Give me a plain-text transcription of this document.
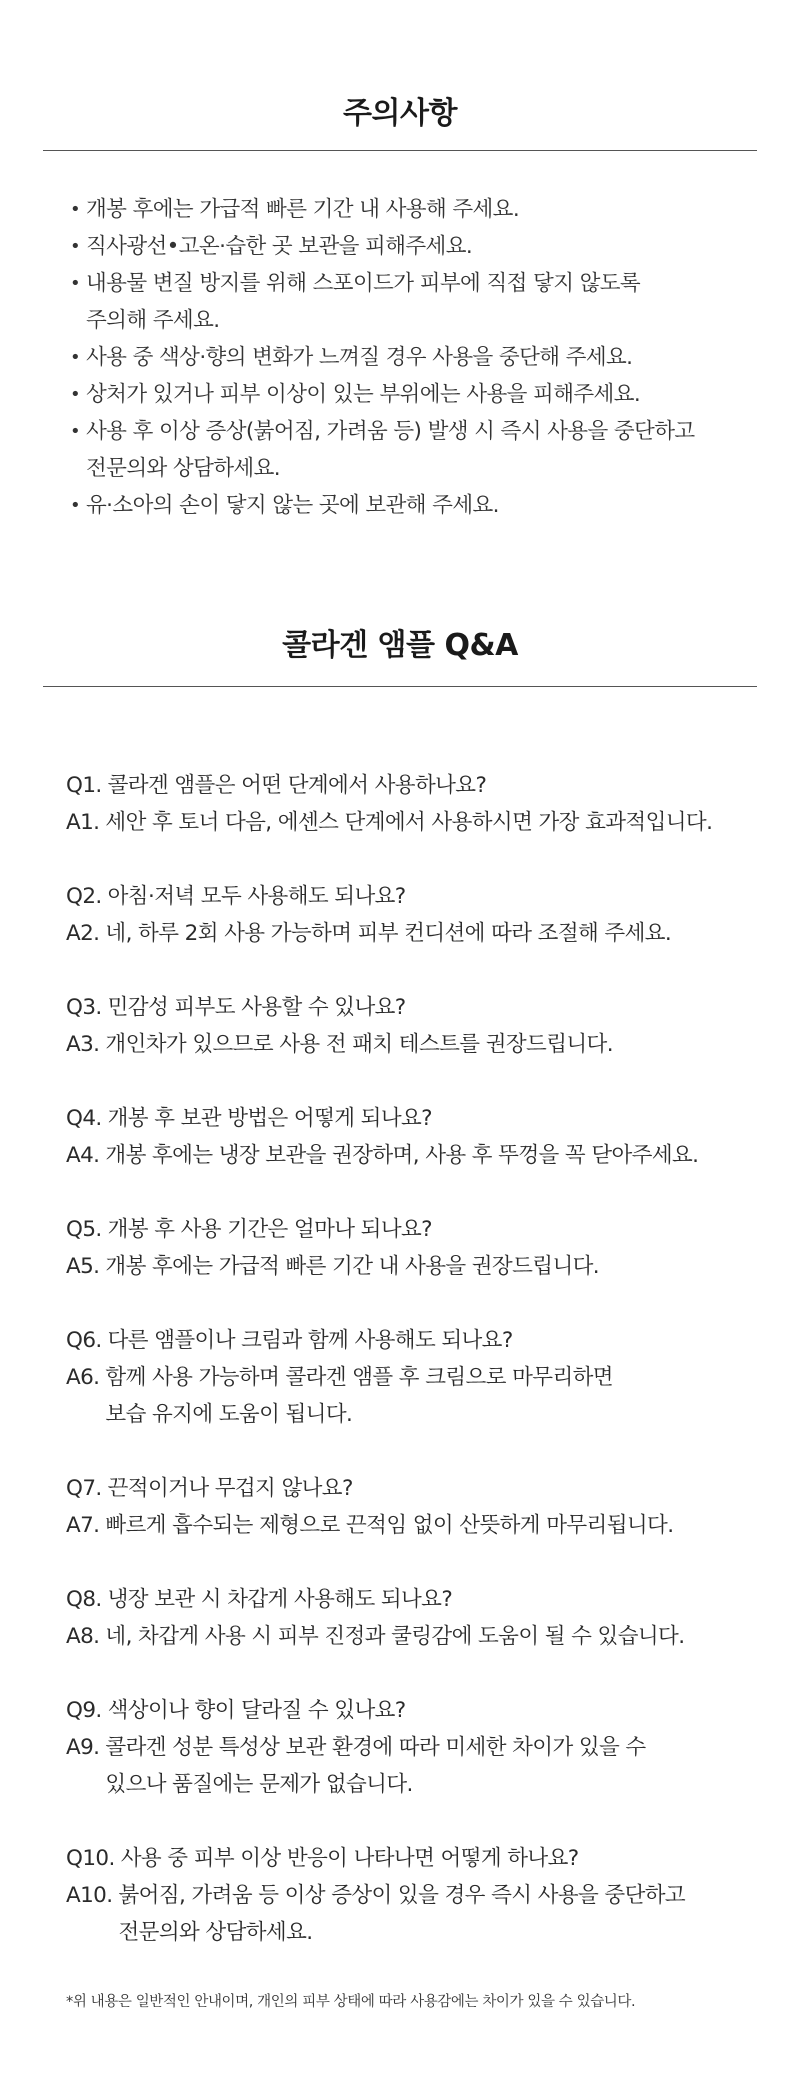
주의사항
• 개봉 후에는 가급적 빠른 기간 내 사용해 주세요.
• 직사광선•고온·습한 곳 보관을 피해주세요.
• 내용물 변질 방지를 위해 스포이드가 피부에 직접 닿지 않도록
주의해 주세요.
• 사용 중 색상·향의 변화가 느껴질 경우 사용을 중단해 주세요.
• 상처가 있거나 피부 이상이 있는 부위에는 사용을 피해주세요.
• 사용 후 이상 증상(붉어짐, 가려움 등) 발생 시 즉시 사용을 중단하고
전문의와 상담하세요.
• 유·소아의 손이 닿지 않는 곳에 보관해 주세요.
콜라겐 앰플 Q&A
Q1. 콜라겐 앰플은 어떤 단계에서 사용하나요?
A1. 세안 후 토너 다음, 에센스 단계에서 사용하시면 가장 효과적입니다.
Q2. 아침·저녁 모두 사용해도 되나요?
A2. 네, 하루 2회 사용 가능하며 피부 컨디션에 따라 조절해 주세요.
Q3. 민감성 피부도 사용할 수 있나요?
A3. 개인차가 있으므로 사용 전 패치 테스트를 권장드립니다.
Q4. 개봉 후 보관 방법은 어떻게 되나요?
A4. 개봉 후에는 냉장 보관을 권장하며, 사용 후 뚜껑을 꼭 닫아주세요.
Q5. 개봉 후 사용 기간은 얼마나 되나요?
A5. 개봉 후에는 가급적 빠른 기간 내 사용을 권장드립니다.
Q6. 다른 앰플이나 크림과 함께 사용해도 되나요?
A6. 함께 사용 가능하며 콜라겐 앰플 후 크림으로 마무리하면
보습 유지에 도움이 됩니다.
Q7. 끈적이거나 무겁지 않나요?
A7. 빠르게 흡수되는 제형으로 끈적임 없이 산뜻하게 마무리됩니다.
Q8. 냉장 보관 시 차갑게 사용해도 되나요?
A8. 네, 차갑게 사용 시 피부 진정과 쿨링감에 도움이 될 수 있습니다.
Q9. 색상이나 향이 달라질 수 있나요?
A9. 콜라겐 성분 특성상 보관 환경에 따라 미세한 차이가 있을 수
있으나 품질에는 문제가 없습니다.
Q10. 사용 중 피부 이상 반응이 나타나면 어떻게 하나요?
A10. 붉어짐, 가려움 등 이상 증상이 있을 경우 즉시 사용을 중단하고
전문의와 상담하세요.
*위 내용은 일반적인 안내이며, 개인의 피부 상태에 따라 사용감에는 차이가 있을 수 있습니다.
